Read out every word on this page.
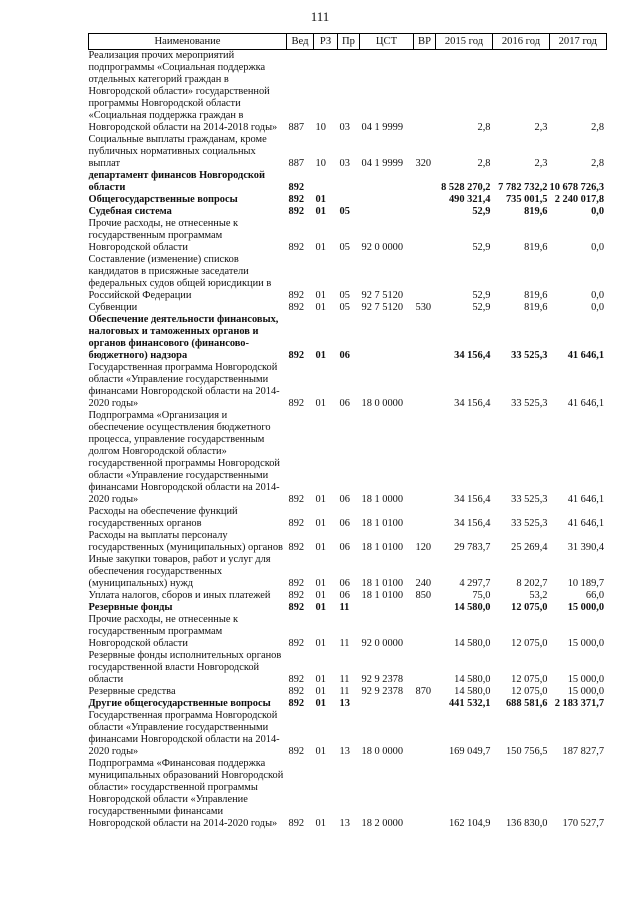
111
Наименование	Вед	РЗ	Пр	ЦСТ	ВР	2015 год	2016 год	2017 год
Реализация прочих мероприятий подпрограммы «Социальная поддержка отдельных категорий граждан в Новгородской области» государственной программы Новгородской области «Социальная поддержка граждан в Новгородской области на 2014-2018 годы»	887	10	03	04 1 9999		2,8	2,3	2,8
Социальные выплаты гражданам, кроме публичных нормативных социальных выплат	887	10	03	04 1 9999	320	2,8	2,3	2,8
департамент финансов Новгородской области	892					8 528 270,2	7 782 732,2	10 678 726,3
Общегосударственные вопросы	892	01				490 321,4	735 001,5	2 240 017,8
Судебная система	892	01	05			52,9	819,6	0,0
Прочие расходы, не отнесенные к государственным программам Новгородской области	892	01	05	92 0 0000		52,9	819,6	0,0
Составление (изменение) списков кандидатов в присяжные заседатели федеральных судов общей юрисдикции в Российской Федерации	892	01	05	92 7 5120		52,9	819,6	0,0
Субвенции	892	01	05	92 7 5120	530	52,9	819,6	0,0
Обеспечение деятельности финансовых, налоговых и таможенных органов и органов финансового (финансово-бюджетного) надзора	892	01	06			34 156,4	33 525,3	41 646,1
Государственная программа Новгородской области «Управление государственными финансами Новгородской области на 2014-2020 годы»	892	01	06	18 0 0000		34 156,4	33 525,3	41 646,1
Подпрограмма «Организация и обеспечение осуществления бюджетного процесса, управление государственным долгом Новгородской области» государственной программы Новгородской области «Управление государственными финансами Новгородской области на 2014-2020 годы»	892	01	06	18 1 0000		34 156,4	33 525,3	41 646,1
Расходы на обеспечение функций государственных органов	892	01	06	18 1 0100		34 156,4	33 525,3	41 646,1
Расходы на выплаты персоналу государственных (муниципальных) органов	892	01	06	18 1 0100	120	29 783,7	25 269,4	31 390,4
Иные закупки товаров, работ и услуг для обеспечения государственных (муниципальных) нужд	892	01	06	18 1 0100	240	4 297,7	8 202,7	10 189,7
Уплата налогов, сборов и иных платежей	892	01	06	18 1 0100	850	75,0	53,2	66,0
Резервные фонды	892	01	11			14 580,0	12 075,0	15 000,0
Прочие расходы, не отнесенные к государственным программам Новгородской области	892	01	11	92 0 0000		14 580,0	12 075,0	15 000,0
Резервные фонды исполнительных органов государственной власти Новгородской области	892	01	11	92 9 2378		14 580,0	12 075,0	15 000,0
Резервные средства	892	01	11	92 9 2378	870	14 580,0	12 075,0	15 000,0
Другие общегосударственные вопросы	892	01	13			441 532,1	688 581,6	2 183 371,7
Государственная программа Новгородской области «Управление государственными финансами Новгородской области на 2014-2020 годы»	892	01	13	18 0 0000		169 049,7	150 756,5	187 827,7
Подпрограмма «Финансовая поддержка муниципальных образований Новгородской области» государственной программы Новгородской области «Управление государственными финансами Новгородской области на 2014-2020 годы»	892	01	13	18 2 0000		162 104,9	136 830,0	170 527,7
